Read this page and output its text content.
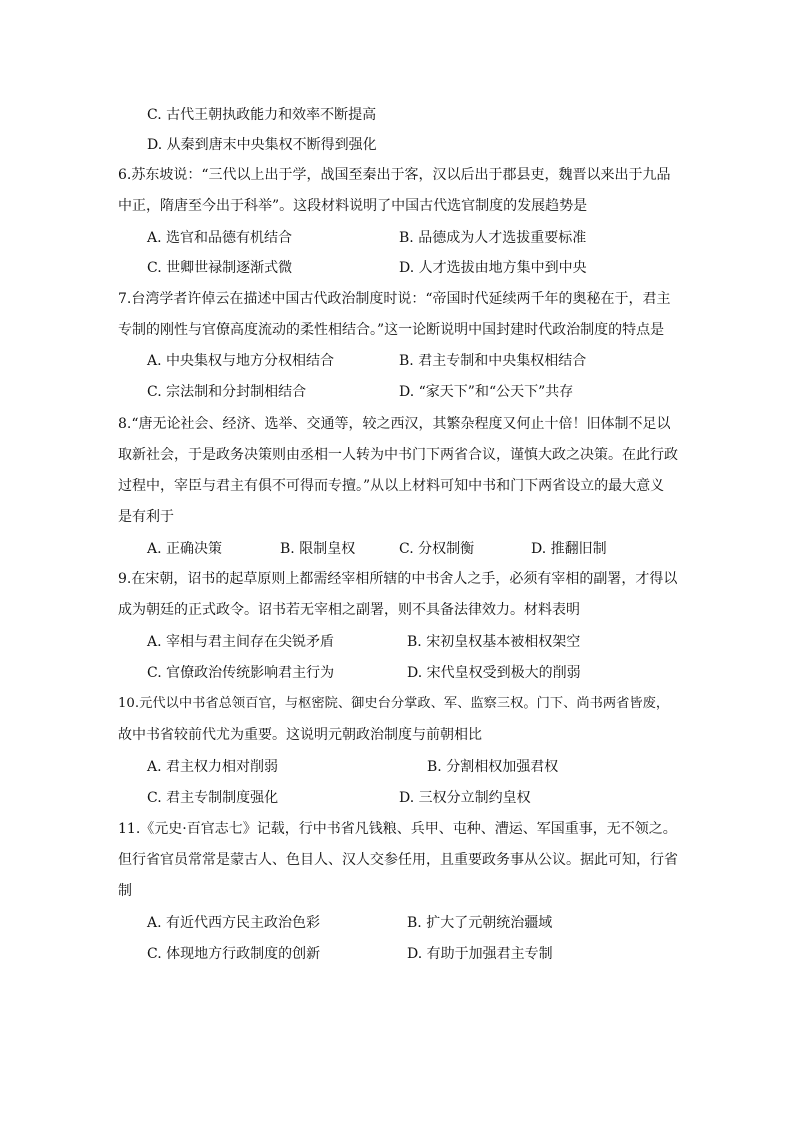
C. 古代王朝执政能力和效率不断提高
D. 从秦到唐末中央集权不断得到强化
6.苏东坡说：“三代以上出于学，战国至秦出于客，汉以后出于郡县吏，魏晋以来出于九品
中正，隋唐至今出于科举”。这段材料说明了中国古代选官制度的发展趋势是
A. 选官和品德有机结合	B. 品德成为人才选拔重要标准
C. 世卿世禄制逐渐式微	D. 人才选拔由地方集中到中央
7.台湾学者许倬云在描述中国古代政治制度时说：“帝国时代延续两千年的奥秘在于，君主
专制的刚性与官僚高度流动的柔性相结合。”这一论断说明中国封建时代政治制度的特点是
A. 中央集权与地方分权相结合	B. 君主专制和中央集权相结合
C. 宗法制和分封制相结合	D. “家天下”和“公天下”共存
8.“唐无论社会、经济、选举、交通等，较之西汉，其繁杂程度又何止十倍！旧体制不足以
取新社会，于是政务决策则由丞相一人转为中书门下两省合议，谨慎大政之决策。在此行政
过程中，宰臣与君主有俱不可得而专擅。”从以上材料可知中书和门下两省设立的最大意义
是有利于
A. 正确决策	B. 限制皇权	C. 分权制衡	D. 推翻旧制
9.在宋朝，诏书的起草原则上都需经宰相所辖的中书舍人之手，必须有宰相的副署，才得以
成为朝廷的正式政令。诏书若无宰相之副署，则不具备法律效力。材料表明
A. 宰相与君主间存在尖锐矛盾	B. 宋初皇权基本被相权架空
C. 官僚政治传统影响君主行为	D. 宋代皇权受到极大的削弱
10.元代以中书省总领百官，与枢密院、御史台分掌政、军、监察三权。门下、尚书两省皆废，
故中书省较前代尤为重要。这说明元朝政治制度与前朝相比
A. 君主权力相对削弱	B. 分割相权加强君权
C. 君主专制制度强化	D. 三权分立制约皇权
11.《元史·百官志七》记载，行中书省凡钱粮、兵甲、屯种、漕运、军国重事，无不领之。
但行省官员常常是蒙古人、色目人、汉人交参任用，且重要政务事从公议。据此可知，行省
制
A. 有近代西方民主政治色彩	B. 扩大了元朝统治疆域
C. 体现地方行政制度的创新	D. 有助于加强君主专制
